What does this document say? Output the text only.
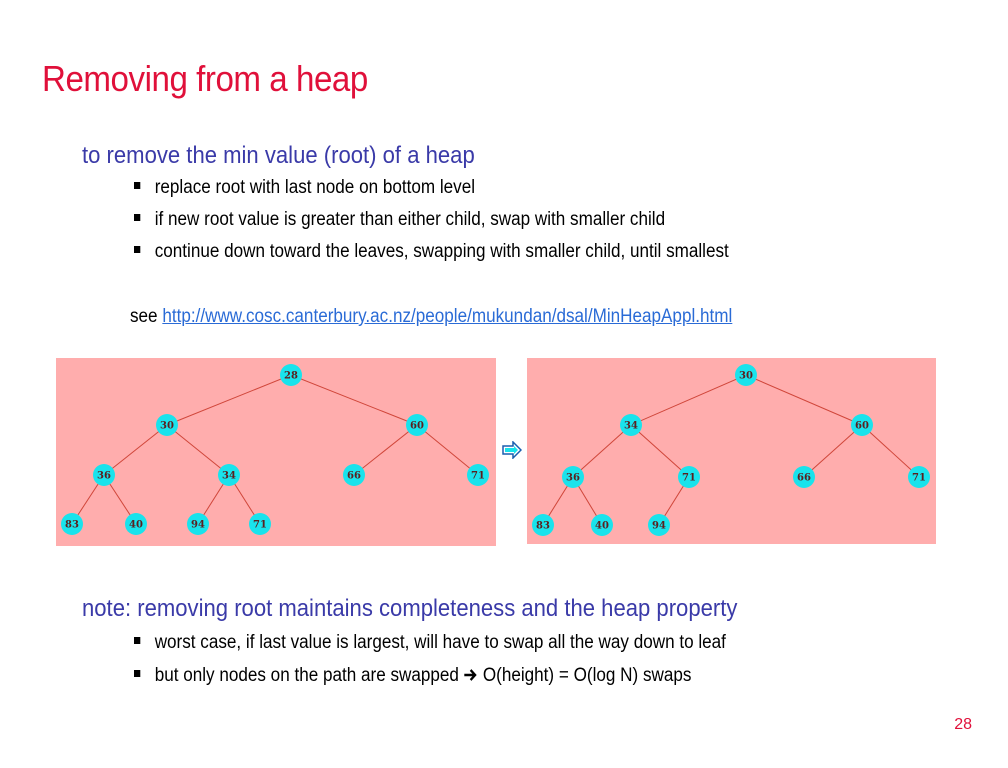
Removing from a heap
to remove the min value (root) of a heap
replace root with last node on bottom level
if new root value is greater than either child, swap with smaller child
continue down toward the leaves, swapping with smaller child, until smallest
see http://www.cosc.canterbury.ac.nz/people/mukundan/dsal/MinHeapAppl.html
28
30	60
36	34	66	71
83	40	94	71
30
34	60
36	71	66	71
83	40	94
note: removing root maintains completeness and the heap property
worst case, if last value is largest, will have to swap all the way down to leaf
but only nodes on the path are swapped  O(height) = O(log N) swaps
28
